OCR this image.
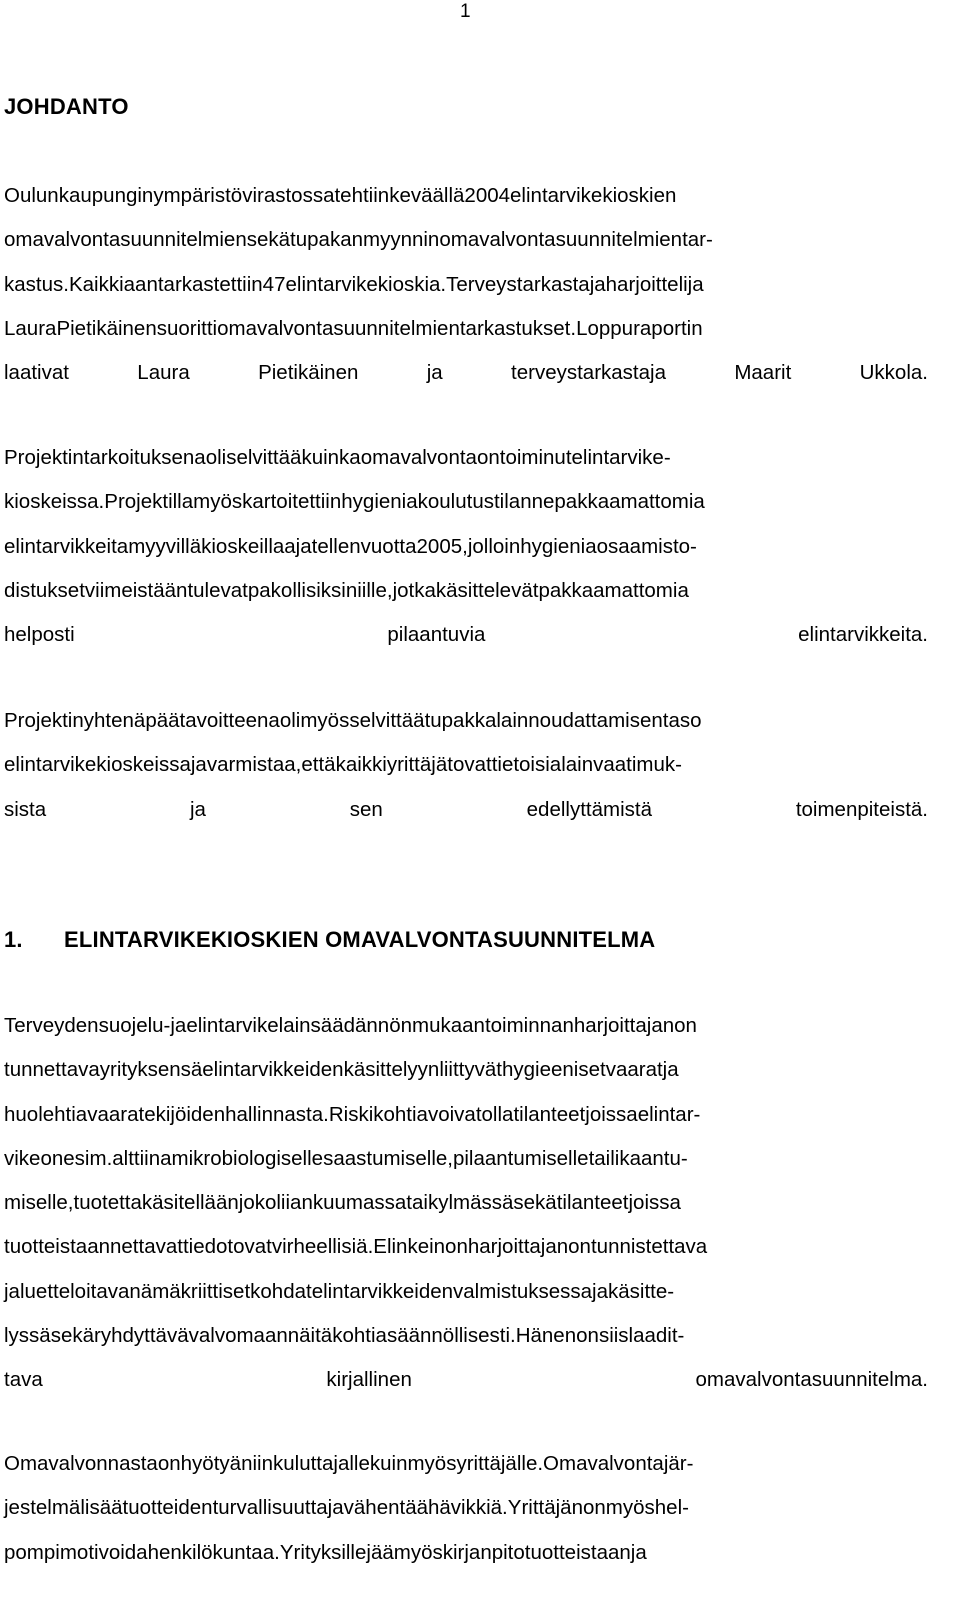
1
JOHDANTO
Oulunkaupunginympäristövirastossatehtiinkeväällä2004elintarvikekioskien
omavalvontasuunnitelmiensekätupakanmyynninomavalvontasuunnitelmientar-
kastus.Kaikkiaantarkastettiin47elintarvikekioskia.Terveystarkastajaharjoittelija
LauraPietikäinensuorittiomavalvontasuunnitelmientarkastukset.Loppuraportin
laativat Laura Pietikäinen ja terveystarkastaja Maarit Ukkola.
Projektintarkoituksenaoliselvittääkuinkaomavalvontaontoiminutelintarvike-
kioskeissa.Projektillamyöskartoitettiinhygieniakoulutustilannepakkaamattomia
elintarvikkeitamyyvilläkioskeillaajatellenvuotta2005,jolloinhygieniaosaamisto-
distuksetviimeistääntulevatpakollisiksiniille,jotkakäsittelevätpakkaamattomia
helposti pilaantuvia elintarvikkeita.
Projektinyhtenäpäätavoitteenaolimyösselvittäätupakkalainnoudattamisentaso
elintarvikekioskeissajavarmistaa,ettäkaikkiyrittäjätovattietoisialainvaatimuk-
sista ja sen edellyttämistä toimenpiteistä.
1. ELINTARVIKEKIOSKIEN OMAVALVONTASUUNNITELMA
Terveydensuojelu-jaelintarvikelainsäädännönmukaantoiminnanharjoittajanon
tunnettavayrityksensäelintarvikkeidenkäsittelyynliittyväthygieenisetvaaratja
huolehtiavaaratekijöidenhallinnasta.Riskikohtiavoivatollatilanteetjoissaelintar-
vikeonesim.alttiinamikrobiologisellesaastumiselle,pilaantumiselletailikaantu-
miselle,tuotettakäsitelläänjokoliiankuumassataikylmässäsekätilanteetjoissa
tuotteistaannettavattiedotovatvirheellisiä.Elinkeinonharjoittajanontunnistettava
jaluetteloitavanämäkriittisetkohdatelintarvikkeidenvalmistuksessajakäsitte-
lyssäsekäryhdyttävävalvomaannäitäkohtiasäännöllisesti.Hänenonsiislaadit-
tava kirjallinen omavalvontasuunnitelma.
Omavalvonnastaonhyötyäniinkuluttajallekuinmyösyrittäjälle.Omavalvontajär-
jestelmälisäätuotteidenturvallisuuttajavähentäähävikkiä.Yrittäjänonmyöshel-
pompimotivoidahenkilökuntaa.Yrityksillejäämyöskirjanpitotuotteistaanja
